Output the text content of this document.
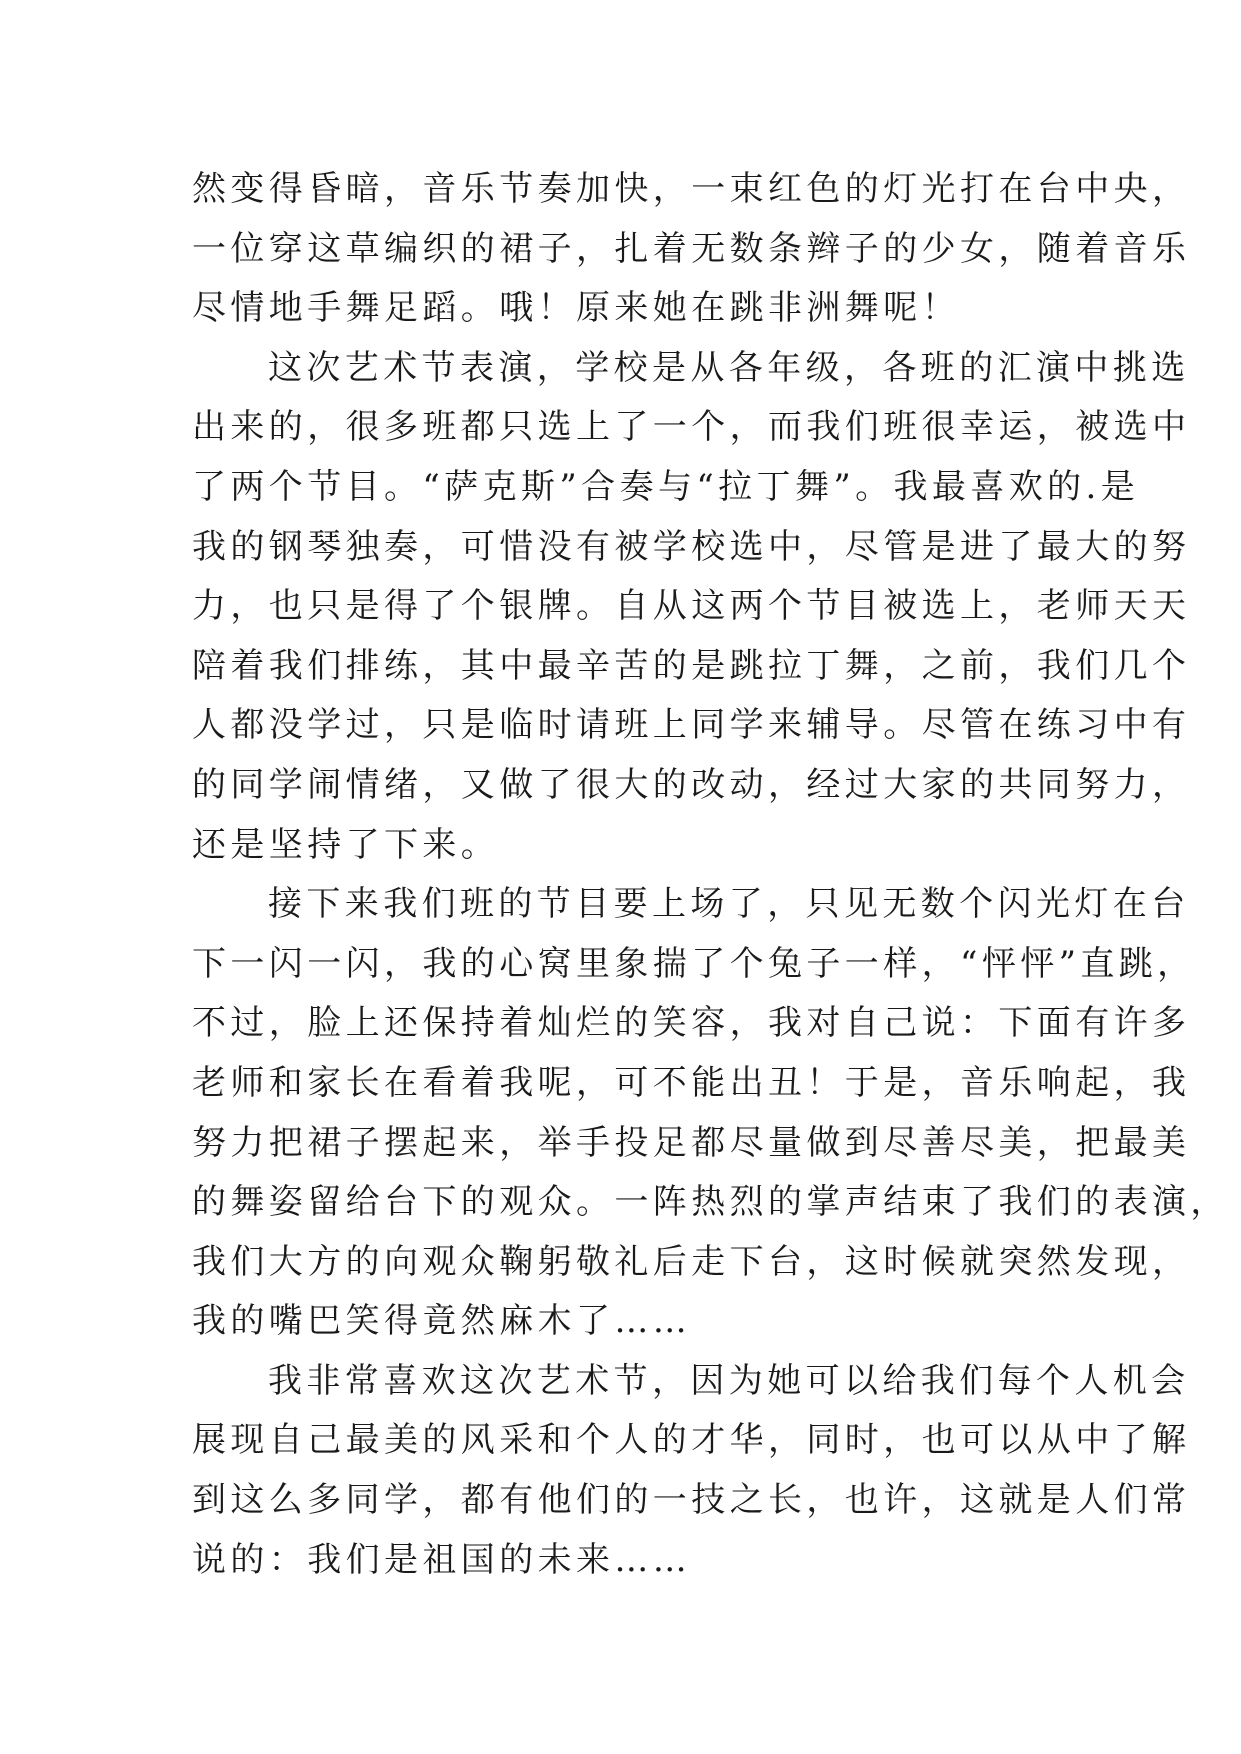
然变得昏暗，音乐节奏加快，一束红色的灯光打在台中央，
一位穿这草编织的裙子，扎着无数条辫子的少女，随着音乐
尽情地手舞足蹈。哦！原来她在跳非洲舞呢！
这次艺术节表演，学校是从各年级，各班的汇演中挑选
出来的，很多班都只选上了一个，而我们班很幸运，被选中
了两个节目。“萨克斯”合奏与“拉丁舞”。我最喜欢的.是
我的钢琴独奏，可惜没有被学校选中，尽管是进了最大的努
力，也只是得了个银牌。自从这两个节目被选上，老师天天
陪着我们排练，其中最辛苦的是跳拉丁舞，之前，我们几个
人都没学过，只是临时请班上同学来辅导。尽管在练习中有
的同学闹情绪，又做了很大的改动，经过大家的共同努力，
还是坚持了下来。
接下来我们班的节目要上场了，只见无数个闪光灯在台
下一闪一闪，我的心窝里象揣了个兔子一样，“怦怦”直跳，
不过，脸上还保持着灿烂的笑容，我对自己说：下面有许多
老师和家长在看着我呢，可不能出丑！于是，音乐响起，我
努力把裙子摆起来，举手投足都尽量做到尽善尽美，把最美
的舞姿留给台下的观众。一阵热烈的掌声结束了我们的表演，
我们大方的向观众鞠躬敬礼后走下台，这时候就突然发现，
我的嘴巴笑得竟然麻木了……
我非常喜欢这次艺术节，因为她可以给我们每个人机会
展现自己最美的风采和个人的才华，同时，也可以从中了解
到这么多同学，都有他们的一技之长，也许，这就是人们常
说的：我们是祖国的未来……
